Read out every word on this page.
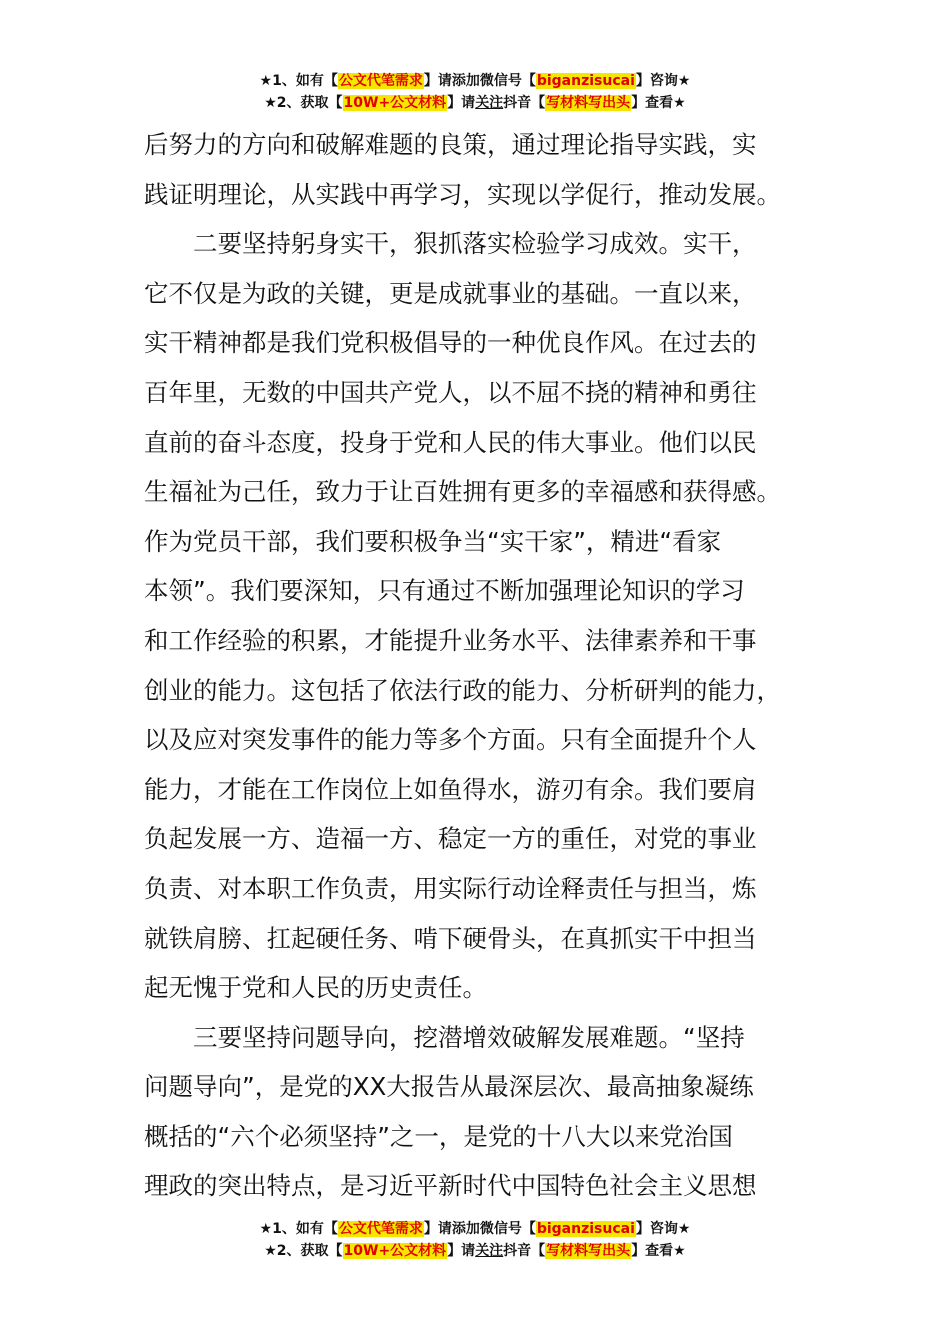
★1、如有【公文代笔需求】请添加微信号【biganzisucai】咨询★
★2、获取【10W+公文材料】请关注抖音【写材料写出头】查看★
后努力的方向和破解难题的良策，通过理论指导实践，实
践证明理论，从实践中再学习，实现以学促行，推动发展。
二要坚持躬身实干，狠抓落实检验学习成效。实干，
它不仅是为政的关键，更是成就事业的基础。一直以来，
实干精神都是我们党积极倡导的一种优良作风。在过去的
百年里，无数的中国共产党人，以不屈不挠的精神和勇往
直前的奋斗态度，投身于党和人民的伟大事业。他们以民
生福祉为己任，致力于让百姓拥有更多的幸福感和获得感。
作为党员干部，我们要积极争当“实干家”，精进“看家
本领”。我们要深知，只有通过不断加强理论知识的学习
和工作经验的积累，才能提升业务水平、法律素养和干事
创业的能力。这包括了依法行政的能力、分析研判的能力，
以及应对突发事件的能力等多个方面。只有全面提升个人
能力，才能在工作岗位上如鱼得水，游刃有余。我们要肩
负起发展一方、造福一方、稳定一方的重任，对党的事业
负责、对本职工作负责，用实际行动诠释责任与担当，炼
就铁肩膀、扛起硬任务、啃下硬骨头，在真抓实干中担当
起无愧于党和人民的历史责任。
三要坚持问题导向，挖潜增效破解发展难题。“坚持
问题导向”，是党的XX大报告从最深层次、最高抽象凝练
概括的“六个必须坚持”之一，是党的十八大以来党治国
理政的突出特点，是习近平新时代中国特色社会主义思想
★1、如有【公文代笔需求】请添加微信号【biganzisucai】咨询★
★2、获取【10W+公文材料】请关注抖音【写材料写出头】查看★
